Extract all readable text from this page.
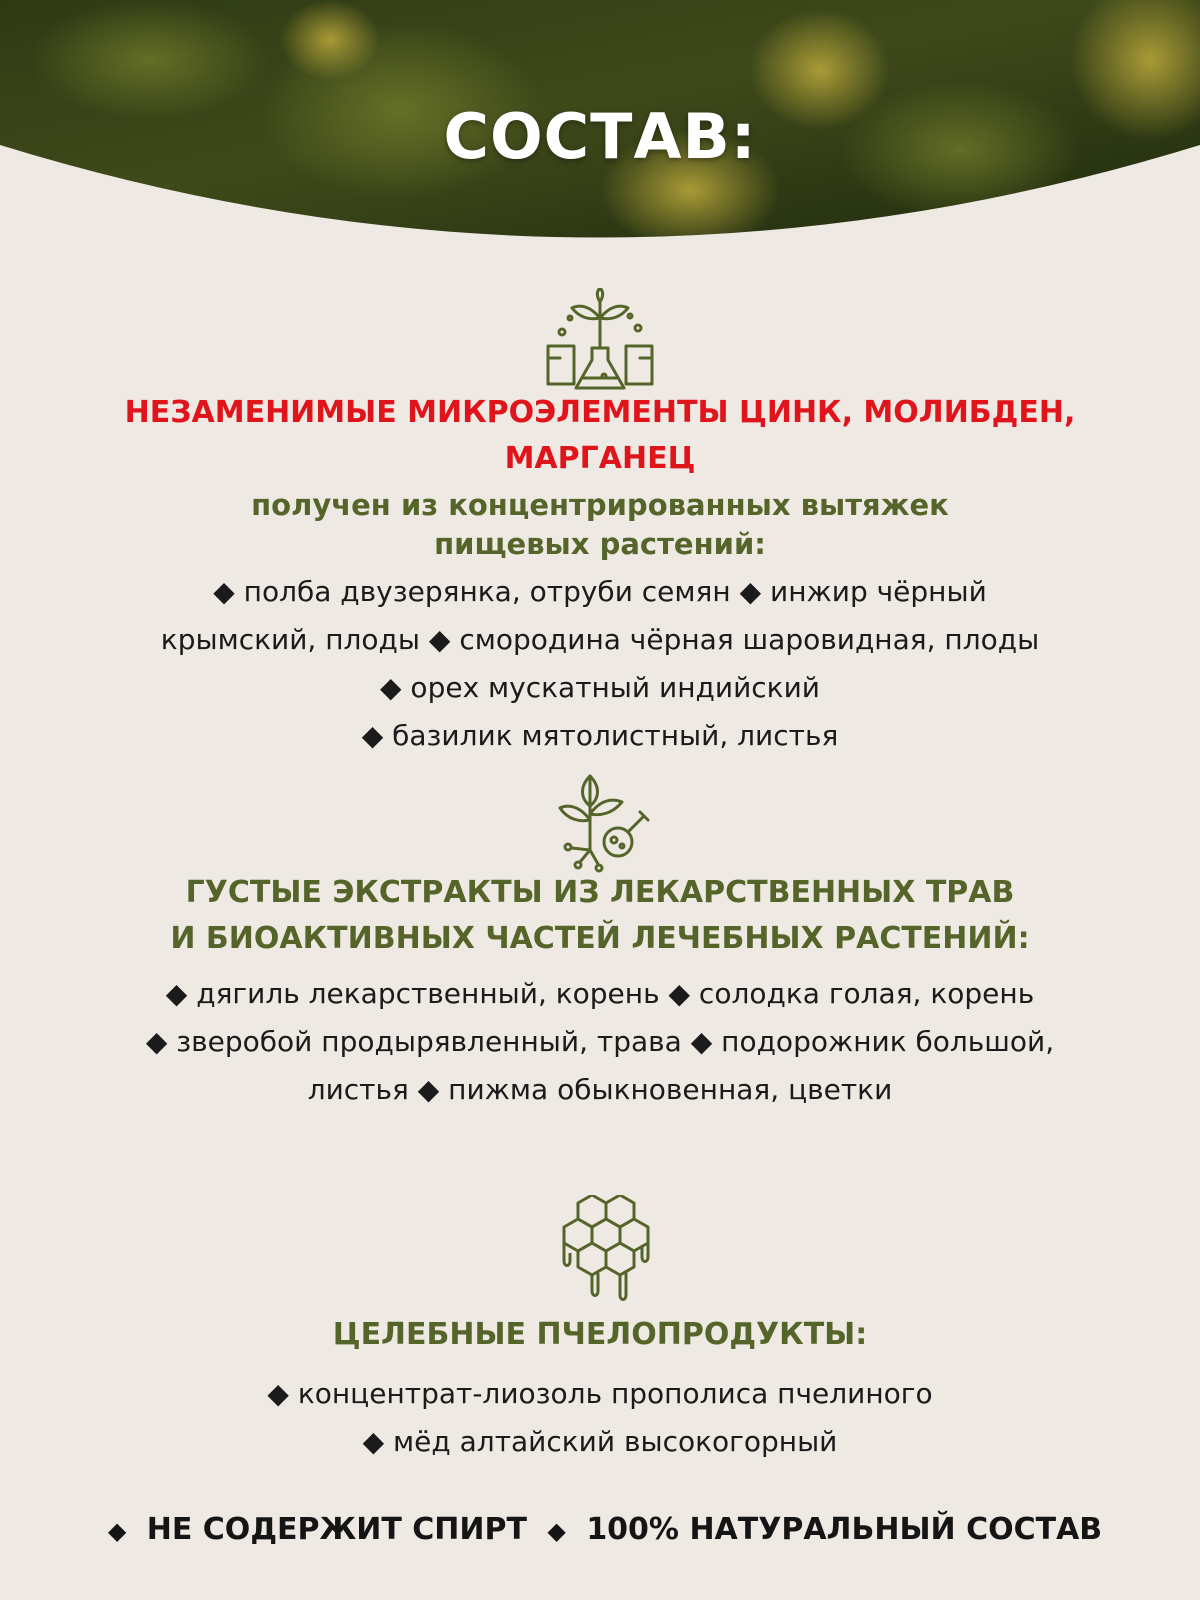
СОСТАВ:
НЕЗАМЕНИМЫЕ МИКРОЭЛЕМЕНТЫ ЦИНК, МОЛИБДЕН,
МАРГАНЕЦ
получен из концентрированных вытяжек
пищевых растений:
◆ полба двузерянка, отруби семян ◆ инжир чёрный
крымский, плоды ◆ смородина чёрная шаровидная, плоды
◆ орех мускатный индийский
◆ базилик мятолистный, листья
ГУСТЫЕ ЭКСТРАКТЫ ИЗ ЛЕКАРСТВЕННЫХ ТРАВ
И БИОАКТИВНЫХ ЧАСТЕЙ ЛЕЧЕБНЫХ РАСТЕНИЙ:
◆ дягиль лекарственный, корень ◆ солодка голая, корень
◆ зверобой продырявленный, трава ◆ подорожник большой,
листья ◆ пижма обыкновенная, цветки
ЦЕЛЕБНЫЕ ПЧЕЛОПРОДУКТЫ:
◆ концентрат-лиозоль прополиса пчелиного
◆ мёд алтайский высокогорный
◆ НЕ СОДЕРЖИТ СПИРТ ◆ 100% НАТУРАЛЬНЫЙ СОСТАВ
